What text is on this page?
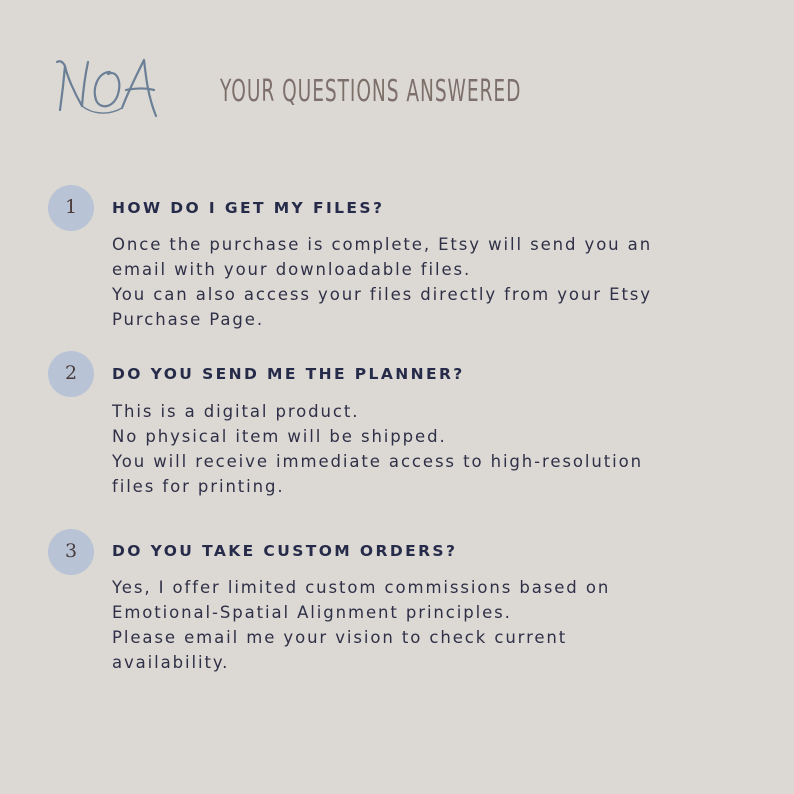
YOUR QUESTIONS ANSWERED
1	HOW DO I GET MY FILES?
Once the purchase is complete, Etsy will send you an
email with your downloadable files.
You can also access your files directly from your Etsy
Purchase Page.
2	DO YOU SEND ME THE PLANNER?
This is a digital product.
No physical item will be shipped.
You will receive immediate access to high-resolution
files for printing.
3	DO YOU TAKE CUSTOM ORDERS?
Yes, I offer limited custom commissions based on
Emotional-Spatial Alignment principles.
Please email me your vision to check current
availability.
